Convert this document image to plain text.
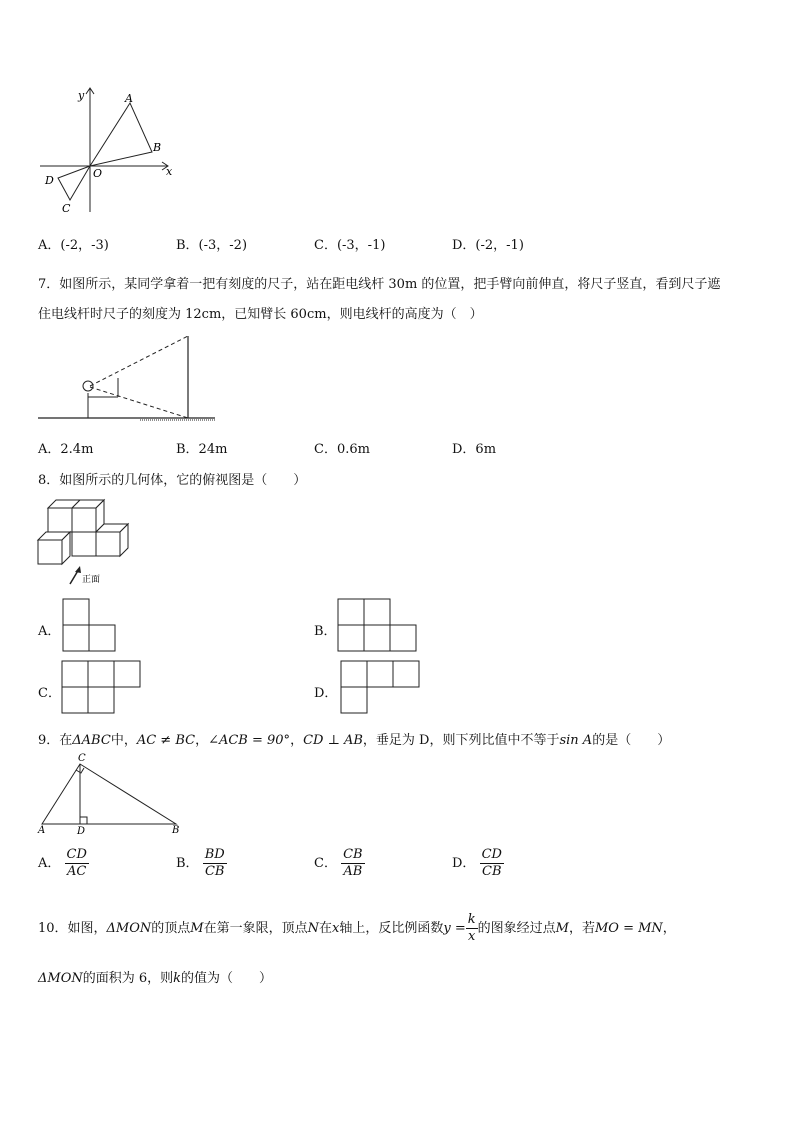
y
x
A
B
O
D
C
A．(-2，-3)	B．(-3，-2)	C．(-3，-1)	D．(-2，-1)
7．如图所示，某同学拿着一把有刻度的尺子，站在距电线杆 30m 的位置，把手臂向前伸直，将尺子竖直，看到尺子遮
住电线杆时尺子的刻度为 12cm，已知臂长 60cm，则电线杆的高度为（　）
A．2.4m	B．24m	C．0.6m	D．6m
8．如图所示的几何体，它的俯视图是（　　）
正面
A．	B．
C．	D．
9．在ΔABC中，AC ≠ BC，∠ACB = 90°，CD ⊥ AB，垂足为 D，则下列比值中不等于sin A的是（　　）
C
A	D	B
A． $\frac{CD}{AC}$	B． $\frac{BD}{CB}$	C． $\frac{CB}{AB}$	D． $\frac{CD}{CB}$
10．如图，ΔMON的顶点M在第一象限，顶点N在x轴上，反比例函数$y = \frac{k}{x}$ 的图象经过点M，若MO = MN，
ΔMON的面积为 6，则k的值为（　　）
